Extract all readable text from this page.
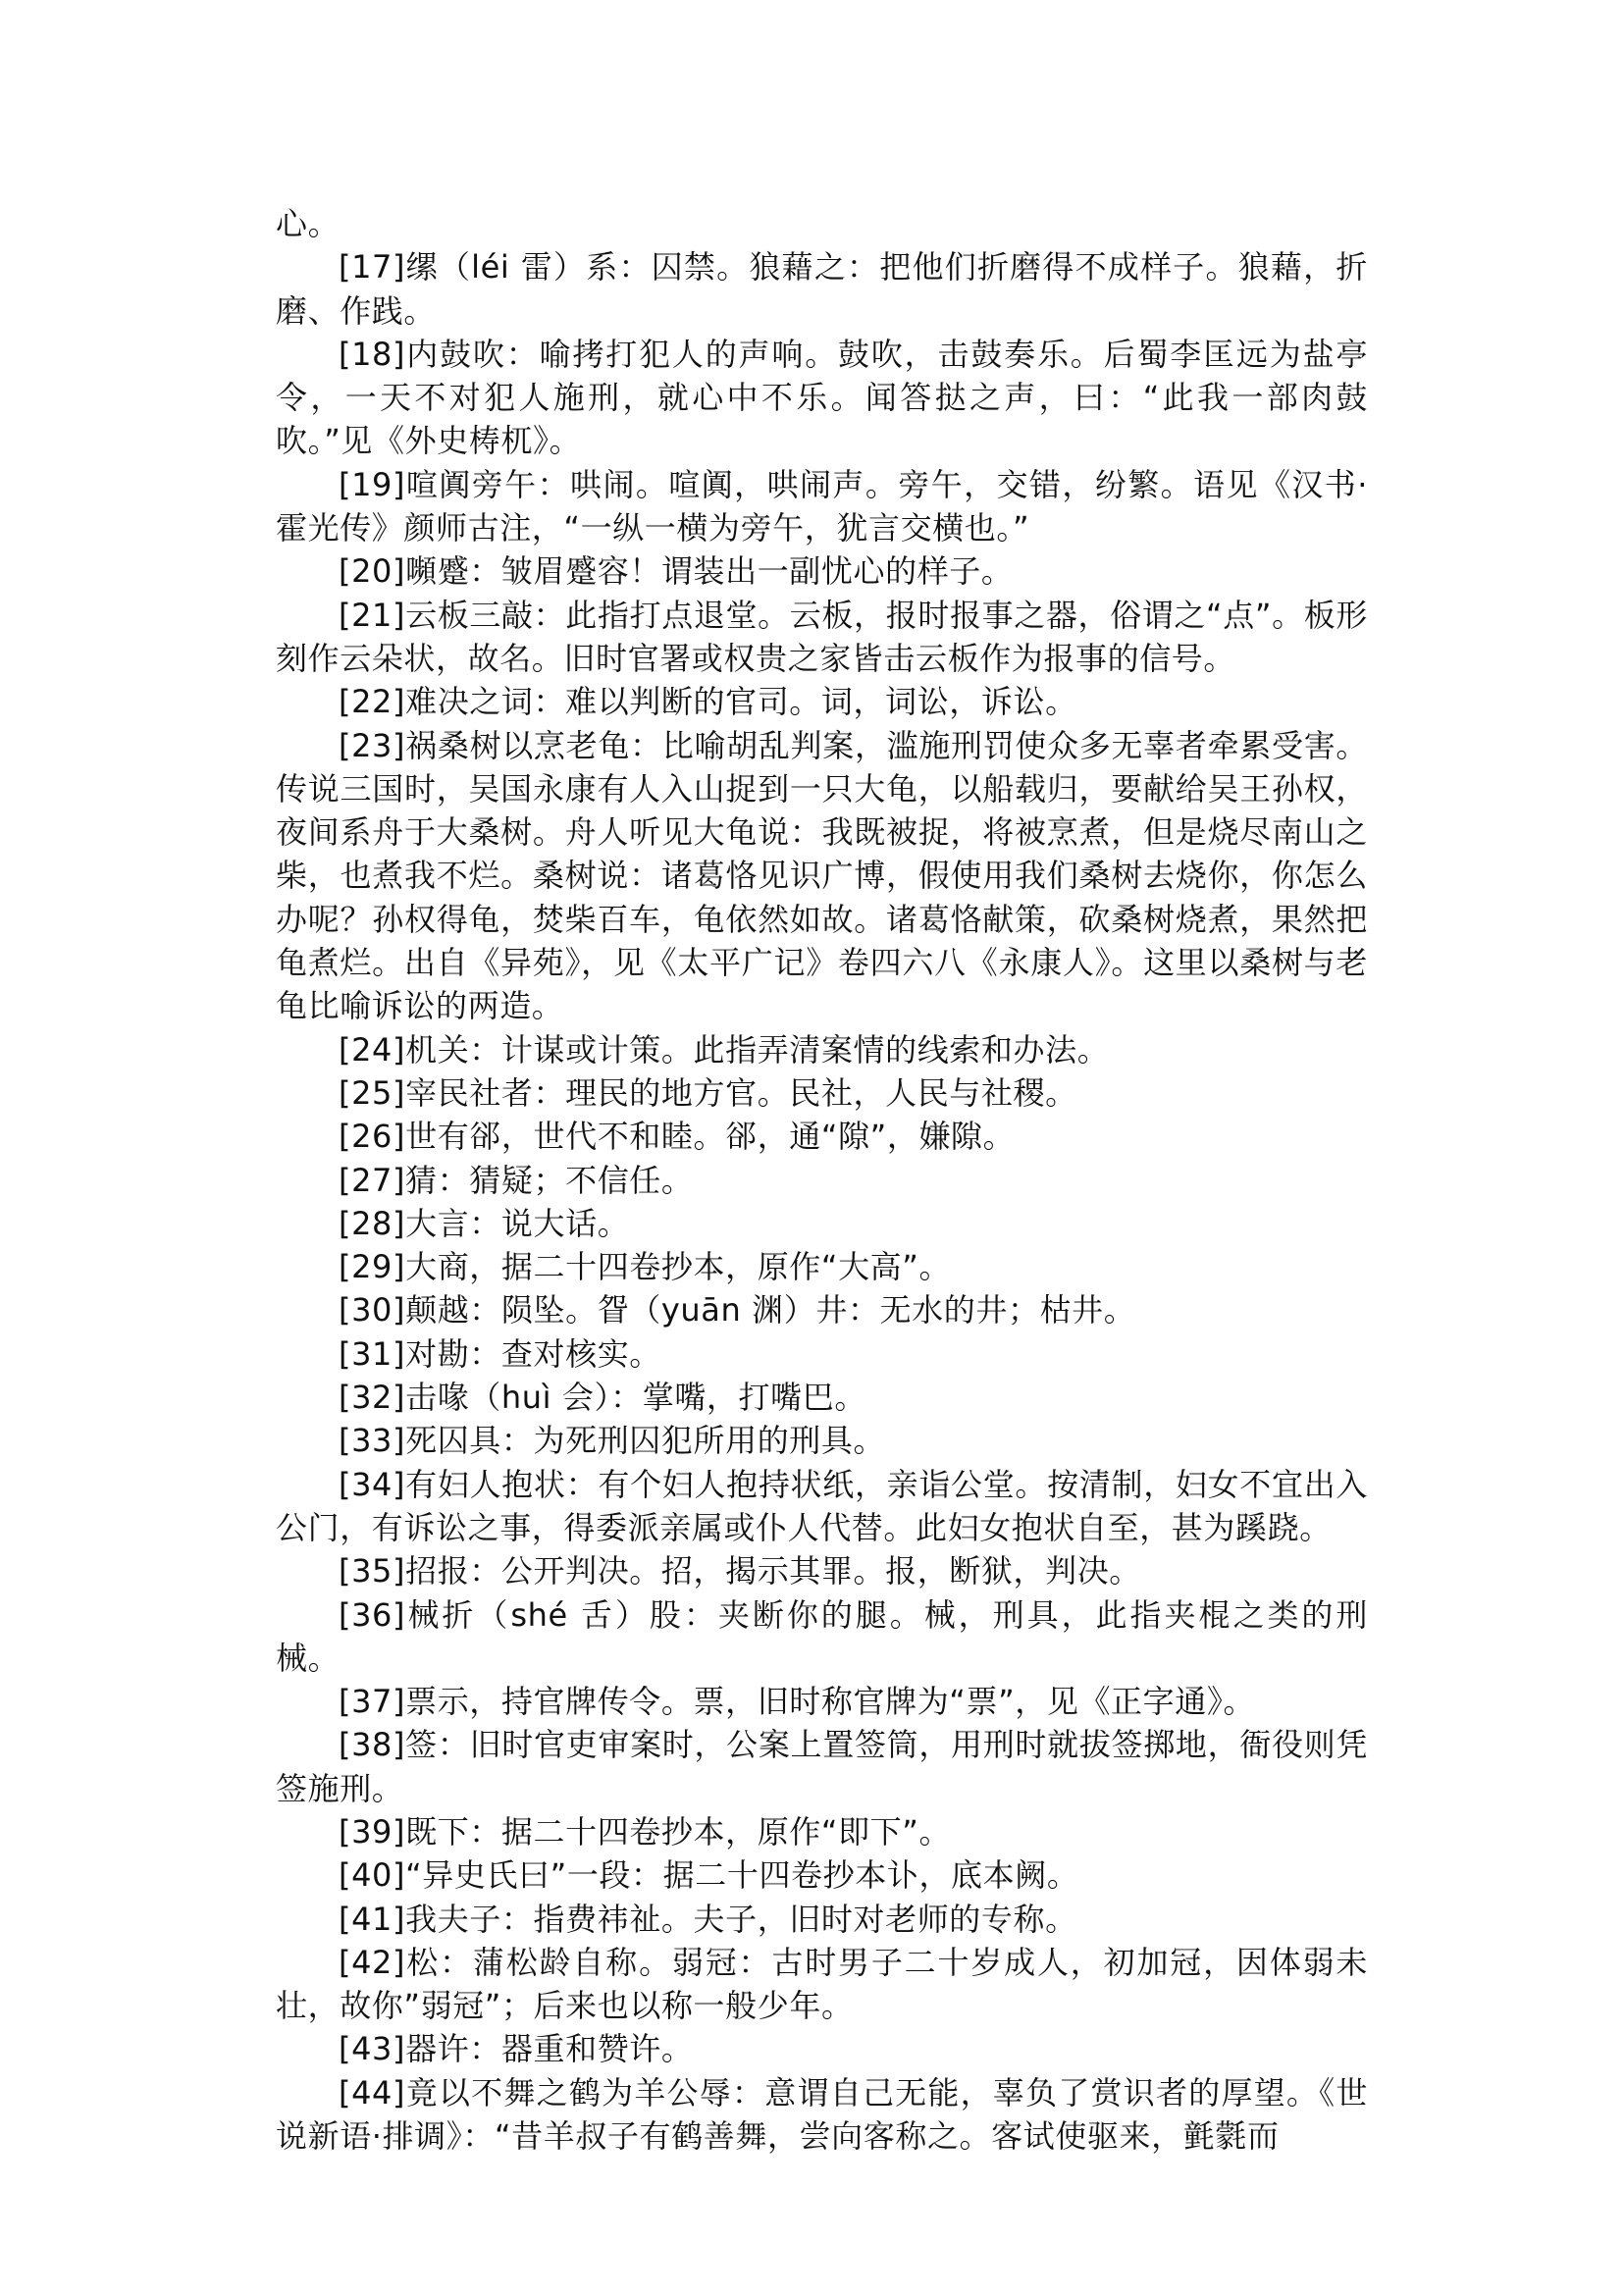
心。

[17]缧（léi 雷）系：囚禁。狼藉之：把他们折磨得不成样子。狼藉，折磨、作践。

[18]内鼓吹：喻拷打犯人的声响。鼓吹，击鼓奏乐。后蜀李匡远为盐亭令，一天不对犯人施刑，就心中不乐。闻答挞之声，曰：“此我一部肉鼓吹。”见《外史梼杌》。

[19]喧阗旁午：哄闹。喧阗，哄闹声。旁午，交错，纷繁。语见《汉书·霍光传》颜师古注，“一纵一横为旁午，犹言交横也。”

[20]嚬蹙：皱眉蹙容！谓装出一副忧心的样子。

[21]云板三敲：此指打点退堂。云板，报时报事之器，俗谓之“点”。板形刻作云朵状，故名。旧时官署或权贵之家皆击云板作为报事的信号。

[22]难决之词：难以判断的官司。词，词讼，诉讼。

[23]祸桑树以烹老龟：比喻胡乱判案，滥施刑罚使众多无辜者牵累受害。传说三国时，吴国永康有人入山捉到一只大龟，以船载归，要献给吴王孙权，夜间系舟于大桑树。舟人听见大龟说：我既被捉，将被烹煮，但是烧尽南山之柴，也煮我不烂。桑树说：诸葛恪见识广博，假使用我们桑树去烧你，你怎么办呢？孙权得龟，焚柴百车，龟依然如故。诸葛恪献策，砍桑树烧煮，果然把龟煮烂。出自《异苑》，见《太平广记》卷四六八《永康人》。这里以桑树与老龟比喻诉讼的两造。

[24]机关：计谋或计策。此指弄清案情的线索和办法。

[25]宰民社者：理民的地方官。民社，人民与社稷。

[26]世有郤，世代不和睦。郤，通“隙”，嫌隙。

[27]猜：猜疑；不信任。

[28]大言：说大话。

[29]大商，据二十四卷抄本，原作“大高”。

[30]颠越：陨坠。眢（yuān 渊）井：无水的井；枯井。

[31]对勘：查对核实。

[32]击喙（huì 会）：掌嘴，打嘴巴。

[33]死囚具：为死刑囚犯所用的刑具。

[34]有妇人抱状：有个妇人抱持状纸，亲诣公堂。按清制，妇女不宜出入公门，有诉讼之事，得委派亲属或仆人代替。此妇女抱状自至，甚为蹊跷。

[35]招报：公开判决。招，揭示其罪。报，断狱，判决。

[36]械折（shé 舌）股：夹断你的腿。械，刑具，此指夹棍之类的刑械。

[37]票示，持官牌传令。票，旧时称官牌为“票”，见《正字通》。

[38]签：旧时官吏审案时，公案上置签筒，用刑时就拔签掷地，衙役则凭签施刑。

[39]既下：据二十四卷抄本，原作“即下”。

[40]“异史氏曰”一段：据二十四卷抄本讣，底本阙。

[41]我夫子：指费祎祉。夫子，旧时对老师的专称。

[42]松：蒲松龄自称。弱冠：古时男子二十岁成人，初加冠，因体弱未壮，故你”弱冠”；后来也以称一般少年。

[43]器许：器重和赞许。

[44]竟以不舞之鹤为羊公辱：意谓自己无能，辜负了赏识者的厚望。《世说新语·排调》：“昔羊叔子有鹤善舞，尝向客称之。客试使驱来，氃氋而
